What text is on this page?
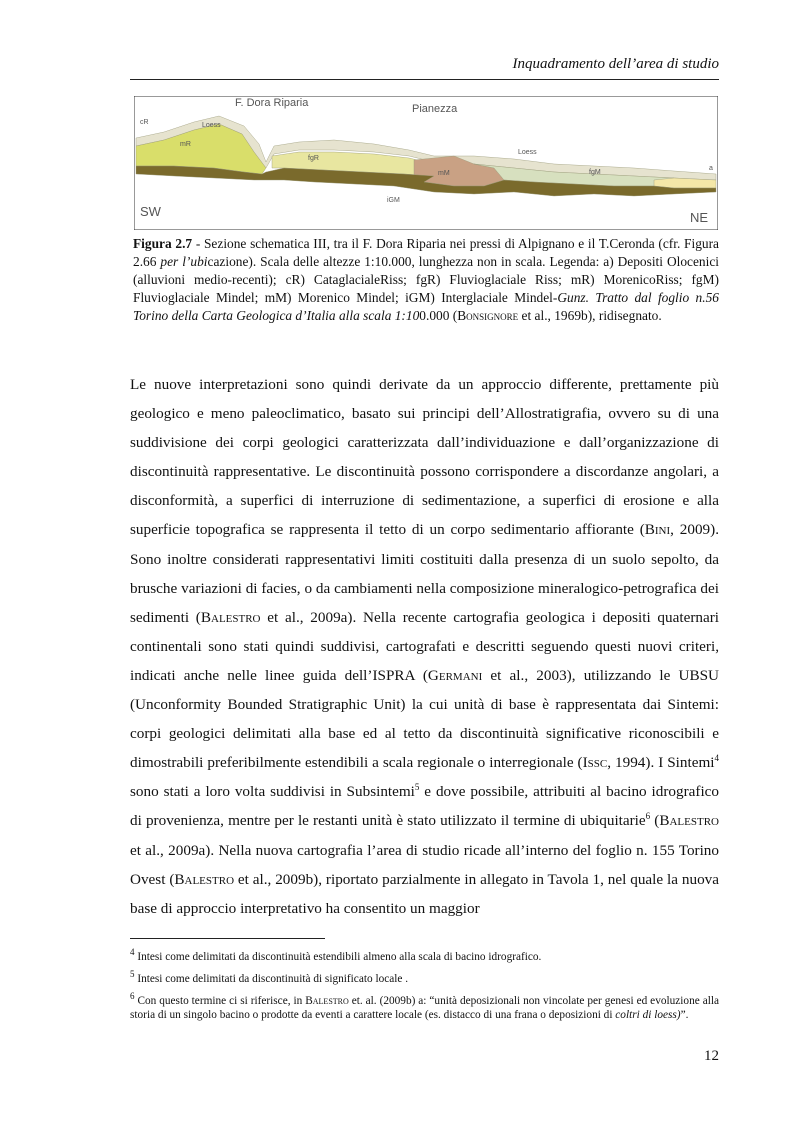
Inquadramento dell’area di studio
cR	Loess
mR
F. Dora Riparia	Pianezza
fgR
Loess
mM	fgM
a
iGM
SW	NE
Figura 2.7 - Sezione schematica III, tra il F. Dora Riparia nei pressi di Alpignano e il T.Ceronda (cfr. Figura 2.66 per l’ubicazione). Scala delle altezze 1:10.000, lunghezza non in scala. Legenda: a) Depositi Olocenici (alluvioni medio-recenti); cR) CataglacialeRiss; fgR) Fluvioglaciale Riss; mR) MorenicoRiss; fgM) Fluvioglaciale Mindel; mM) Morenico Mindel; iGM) Interglaciale Mindel-Gunz. Tratto dal foglio n.56 Torino della Carta Geologica d’Italia alla scala 1:100.000 (Bonsignore et al., 1969b), ridisegnato.

Le nuove interpretazioni sono quindi derivate da un approccio differente, prettamente più geologico e meno paleoclimatico, basato sui principi dell’Allostratigrafia, ovvero su di una suddivisione dei corpi geologici caratterizzata dall’individuazione e dall’organizzazione di discontinuità rappresentative. Le discontinuità possono corrispondere a discordanze angolari, a disconformità, a superfici di interruzione di sedimentazione, a superfici di erosione e alla superficie topografica se rappresenta il tetto di un corpo sedimentario affiorante (Bini, 2009). Sono inoltre considerati rappresentativi limiti costituiti dalla presenza di un suolo sepolto, da brusche variazioni di facies, o da cambiamenti nella composizione mineralogico-petrografica dei sedimenti (Balestro et al., 2009a). Nella recente cartografia geologica i depositi quaternari continentali sono stati quindi suddivisi, cartografati e descritti seguendo questi nuovi criteri, indicati anche nelle linee guida dell’ISPRA (Germani et al., 2003), utilizzando le UBSU (Unconformity Bounded Stratigraphic Unit) la cui unità di base è rappresentata dai Sintemi: corpi geologici delimitati alla base ed al tetto da discontinuità significative riconoscibili e dimostrabili preferibilmente estendibili a scala regionale o interregionale (Issc, 1994). I Sintemi$^4$ sono stati a loro volta suddivisi in Subsintemi$^5$ e dove possibile, attribuiti al bacino idrografico di provenienza, mentre per le restanti unità è stato utilizzato il termine di ubiquitarie$^6$ (Balestro et al., 2009a). Nella nuova cartografia l’area di studio ricade all’interno del foglio n. 155 Torino Ovest (Balestro et al., 2009b), riportato parzialmente in allegato in Tavola 1, nel quale la nuova base di approccio interpretativo ha consentito un maggior

$^4$ Intesi come delimitati da discontinuità estendibili almeno alla scala di bacino idrografico.

$^5$ Intesi come delimitati da discontinuità di significato locale .

$^6$ Con questo termine ci si riferisce, in Balestro et. al. (2009b) a: “unità deposizionali non vincolate per genesi ed evoluzione alla storia di un singolo bacino o prodotte da eventi a carattere locale (es. distacco di una frana o deposizioni di coltri di loess)”.

12
